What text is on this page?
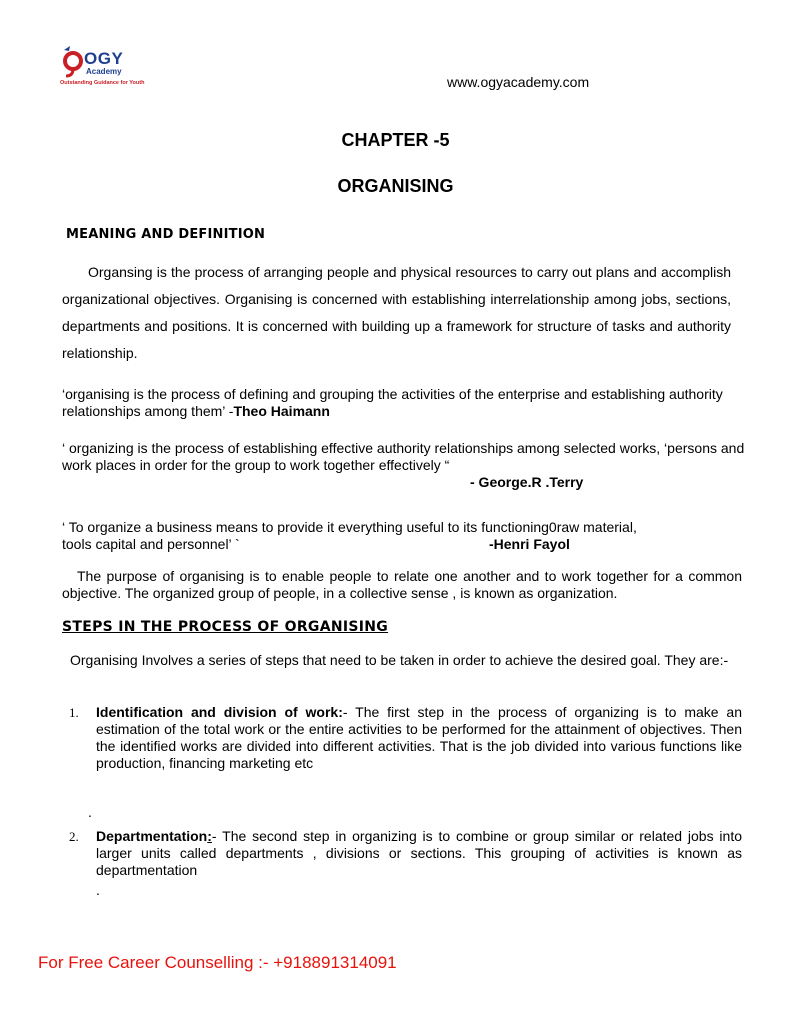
OGY
Academy
Outstanding Guidance for Youth	www.ogyacademy.com
CHAPTER -5
ORGANISING
MEANING AND DEFINITION
Organsing is the process of arranging people and physical resources to carry out plans and accomplish organizational objectives. Organising is concerned with establishing interrelationship among jobs, sections, departments and positions. It is concerned with building up a framework for structure of tasks and authority relationship.
‘organising is the process of defining and grouping the activities of the enterprise and establishing authority relationships among them’ -Theo Haimann
‘ organizing is the process of establishing effective authority relationships among selected works, ‘persons and work places in order for the group to work together effectively “
- George.R .Terry
‘ To organize a business means to provide it everything useful to its functioning0raw material,
tools capital and personnel’ `	-Henri Fayol
The purpose of organising is to enable people to relate one another and to work together for a common objective. The organized group of people, in a collective sense , is known as organization.
STEPS IN THE PROCESS OF ORGANISING
Organising Involves a series of steps that need to be taken in order to achieve the desired goal. They are:-
1. Identification and division of work:- The first step in the process of organizing is to make an estimation of the total work or the entire activities to be performed for the attainment of objectives. Then the identified works are divided into different activities. That is the job divided into various functions like production, financing marketing etc
.
2. Departmentation:- The second step in organizing is to combine or group similar or related jobs into larger units called departments , divisions or sections. This grouping of activities is known as departmentation
.
For Free Career Counselling :- +918891314091
